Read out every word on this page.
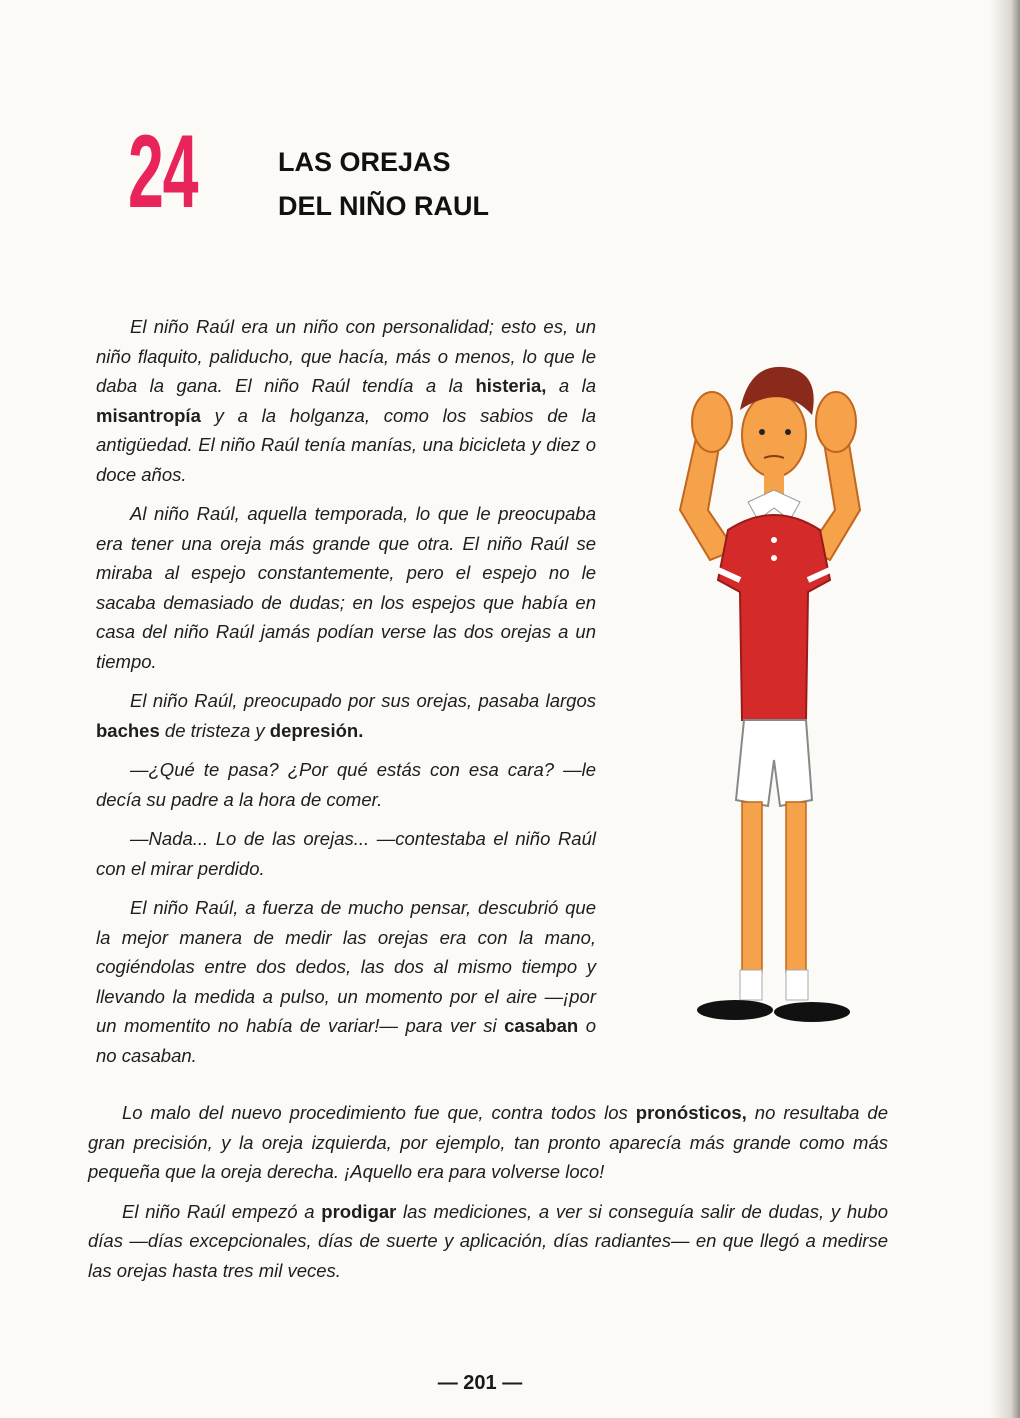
24	LAS OREJAS
DEL NIÑO RAUL

El niño Raúl era un niño con personalidad; esto es, un niño flaquito, paliducho, que hacía, más o menos, lo que le daba la gana. El niño Raúl tendía a la histeria, a la misantropía y a la holganza, como los sabios de la antigüedad. El niño Raúl tenía manías, una bicicleta y diez o doce años.

Al niño Raúl, aquella temporada, lo que le preocupaba era tener una oreja más grande que otra. El niño Raúl se miraba al espejo constantemente, pero el espejo no le sacaba demasiado de dudas; en los espejos que había en casa del niño Raúl jamás podían verse las dos orejas a un tiempo.

El niño Raúl, preocupado por sus orejas, pasaba largos baches de tristeza y depresión.

—¿Qué te pasa? ¿Por qué estás con esa cara? —le decía su padre a la hora de comer.

—Nada... Lo de las orejas... —contestaba el niño Raúl con el mirar perdido.

El niño Raúl, a fuerza de mucho pensar, descubrió que la mejor manera de medir las orejas era con la mano, cogiéndolas entre dos dedos, las dos al mismo tiempo y llevando la medida a pulso, un momento por el aire —¡por un momentito no había de variar!— para ver si casaban o no casaban.

Lo malo del nuevo procedimiento fue que, contra todos los pronósticos, no resultaba de gran precisión, y la oreja izquierda, por ejemplo, tan pronto aparecía más grande como más pequeña que la oreja derecha. ¡Aquello era para volverse loco!

El niño Raúl empezó a prodigar las mediciones, a ver si conseguía salir de dudas, y hubo días —días excepcionales, días de suerte y aplicación, días radiantes— en que llegó a medirse las orejas hasta tres mil veces.

— 201 —
